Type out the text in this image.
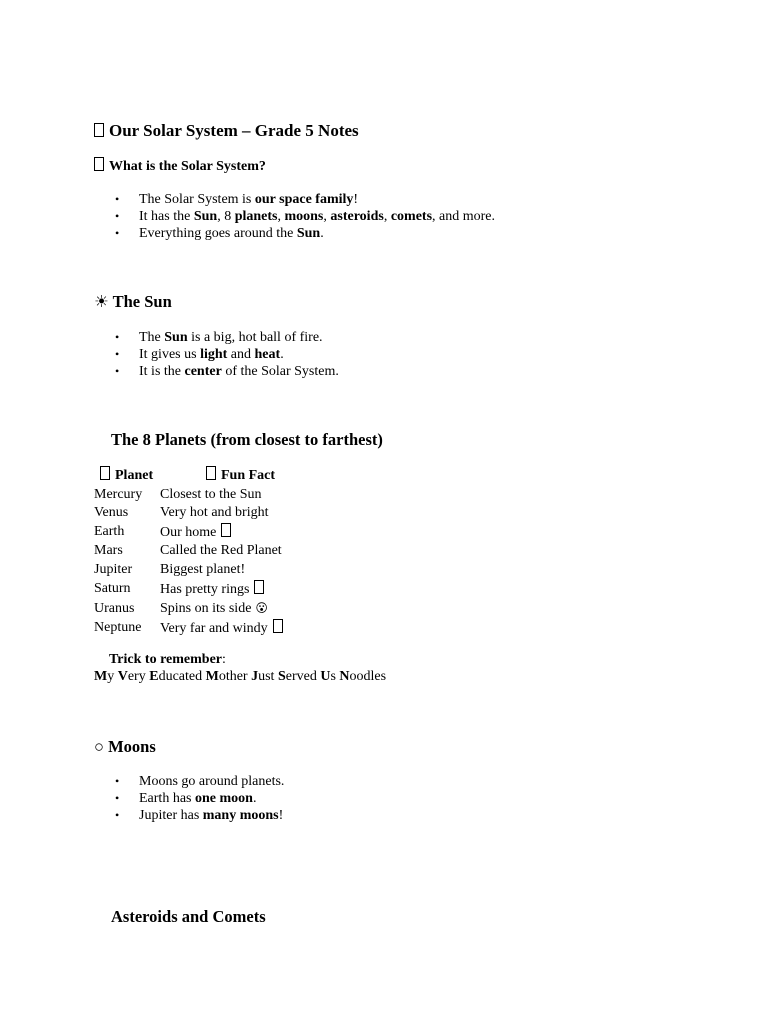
Our Solar System – Grade 5 Notes
What is the Solar System?
• The Solar System is our space family!
• It has the Sun, 8 planets, moons, asteroids, comets, and more.
• Everything goes around the Sun.
☀ The Sun
• The Sun is a big, hot ball of fire.
• It gives us light and heat.
• It is the center of the Solar System.
The 8 Planets (from closest to farthest)
Planet	Fun Fact
Mercury	Closest to the Sun
Venus	Very hot and bright
Earth	Our home
Mars	Called the Red Planet
Jupiter	Biggest planet!
Saturn	Has pretty rings
Uranus	Spins on its side 😮
Neptune	Very far and windy
Trick to remember:
My Very Educated Mother Just Served Us Noodles
○ Moons
• Moons go around planets.
• Earth has one moon.
• Jupiter has many moons!
Asteroids and Comets
